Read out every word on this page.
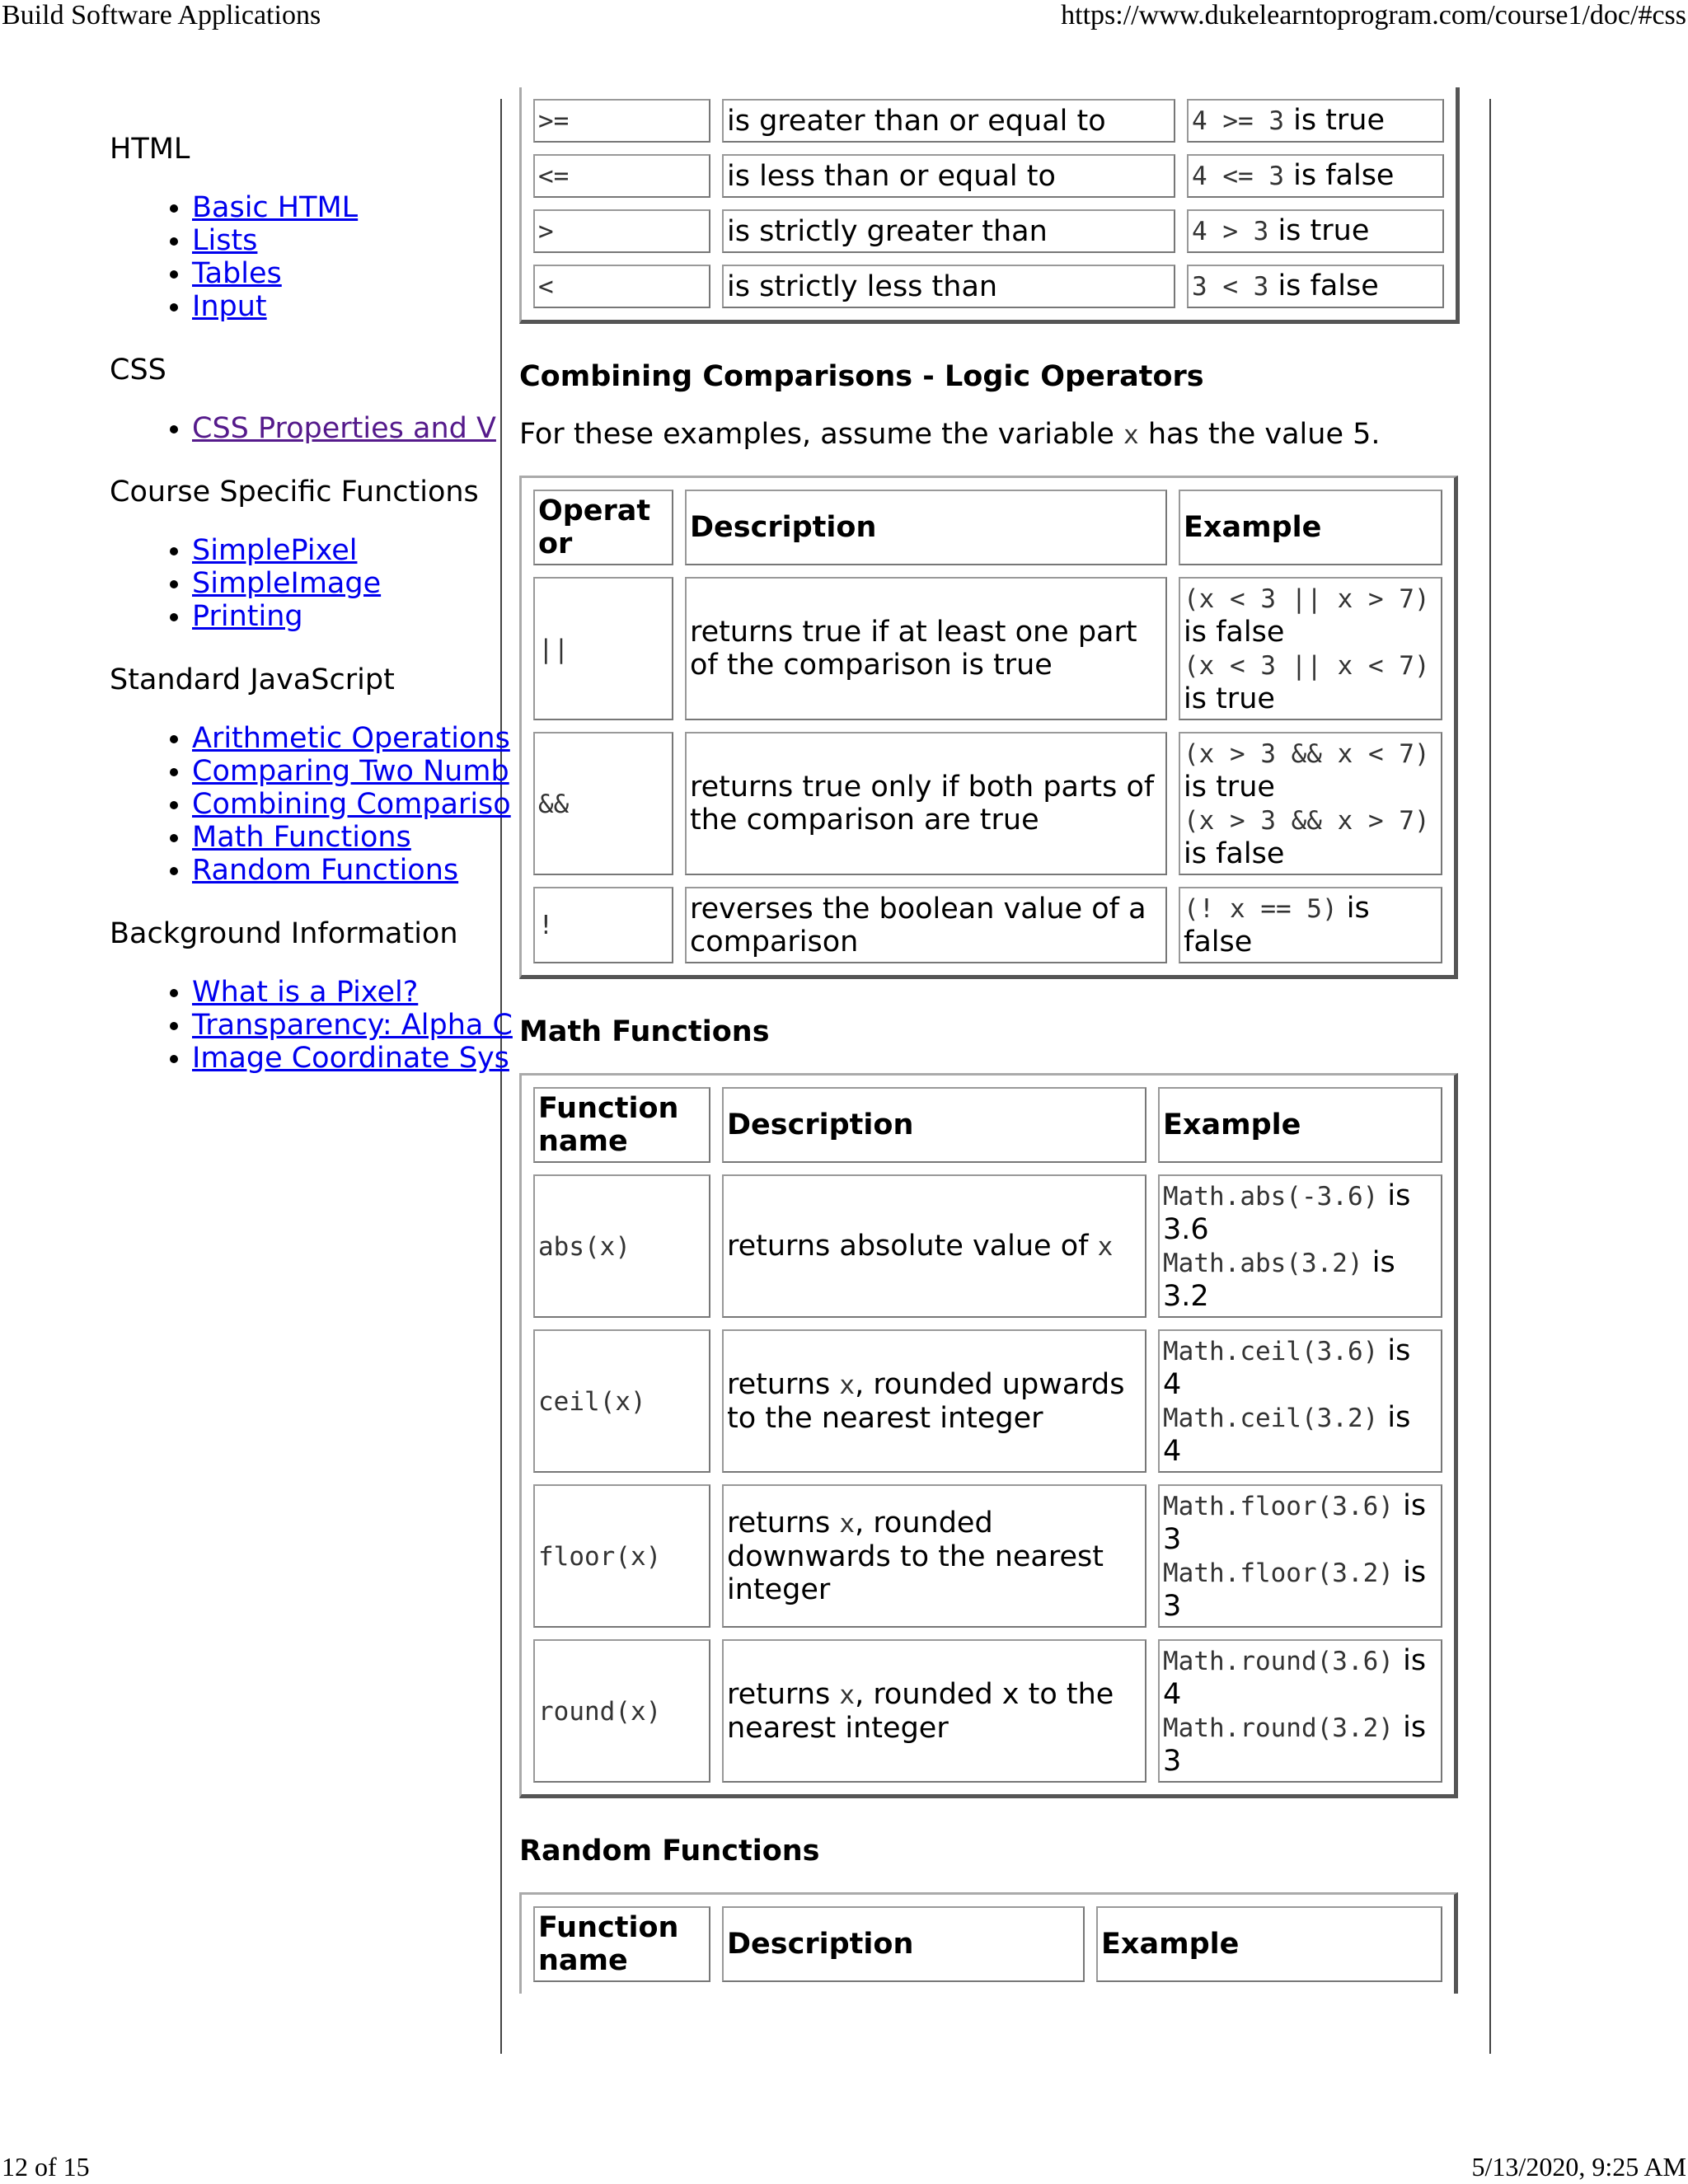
Build Software Applications	https://www.dukelearntoprogram.com/course1/doc/#css
HTML
• Basic HTML
• Lists
• Tables
• Input
CSS
• CSS Properties and V
Course Specific Functions
• SimplePixel
• SimpleImage
• Printing
Standard JavaScript
• Arithmetic Operations
• Comparing Two Numb
• Combining Compariso
• Math Functions
• Random Functions
Background Information
• What is a Pixel?
• Transparency: Alpha C
• Image Coordinate Sys
>=	is greater than or equal to	4 >= 3 is true
<=	is less than or equal to	4 <= 3 is false
>	is strictly greater than	4 > 3 is true
<	is strictly less than	3 < 3 is false
Combining Comparisons - Logic Operators

For these examples, assume the variable x has the value 5.

Operator	Description	Example
||	returns true if at least one part of the comparison is true	(x < 3 || x > 7) is false
(x < 3 || x < 7) is true

&&	returns true only if both parts of the comparison are true	(x > 3 && x < 7) is true
(x > 3 && x > 7) is false

!	reverses the boolean value of a comparison	(! x == 5) is false
Math Functions
Function name	Description	Example
abs(x)	returns absolute value of x	Math.abs(-3.6) is 3.6
Math.abs(3.2) is 3.2

ceil(x)	returns x, rounded upwards to the nearest integer	Math.ceil(3.6) is 4
Math.ceil(3.2) is 4

floor(x)	returns x, rounded downwards to the nearest integer	Math.floor(3.6) is 3
Math.floor(3.2) is 3

round(x)	returns x, rounded x to the nearest integer	Math.round(3.6) is 4
Math.round(3.2) is 3
Random Functions
Function name	Description	Example
12 of 15	5/13/2020, 9:25 AM
